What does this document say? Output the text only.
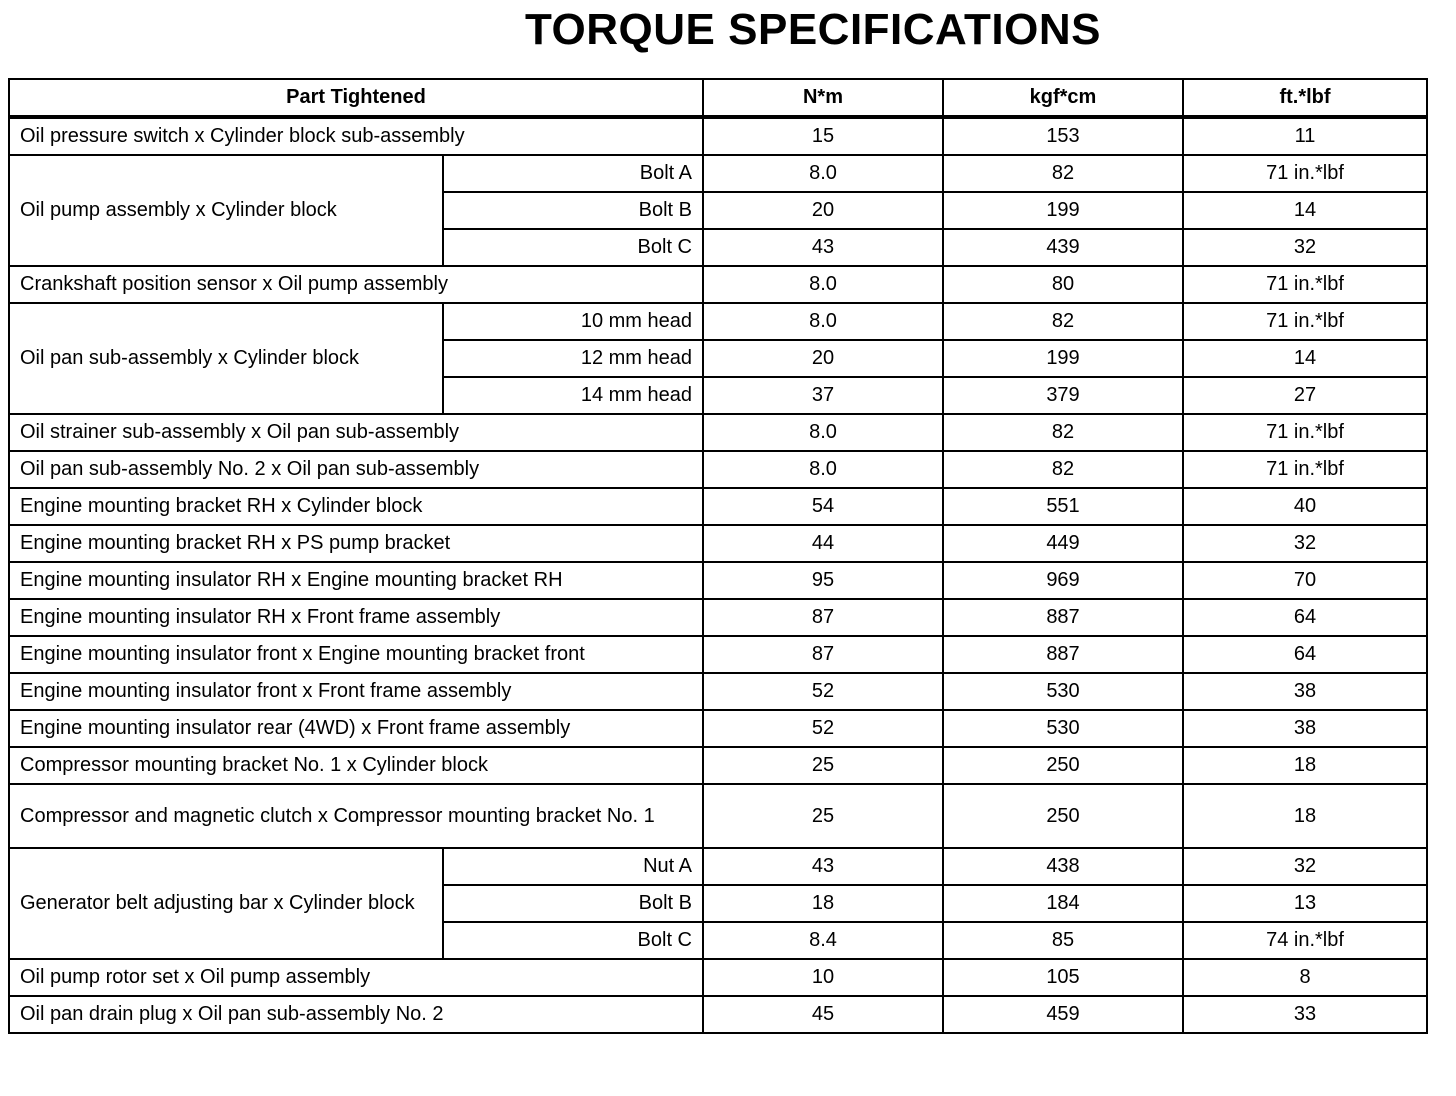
TORQUE SPECIFICATIONS
Part Tightened		N*m	kgf*cm	ft.*lbf
Oil pressure switch x Cylinder block sub-assembly		15	153	11
Oil pump assembly x Cylinder block	Bolt A	8.0	82	71 in.*lbf
	Bolt B	20	199	14
	Bolt C	43	439	32
Crankshaft position sensor x Oil pump assembly		8.0	80	71 in.*lbf
Oil pan sub-assembly x Cylinder block	10 mm head	8.0	82	71 in.*lbf
	12 mm head	20	199	14
	14 mm head	37	379	27
Oil strainer sub-assembly x Oil pan sub-assembly		8.0	82	71 in.*lbf
Oil pan sub-assembly No. 2 x Oil pan sub-assembly		8.0	82	71 in.*lbf
Engine mounting bracket RH x Cylinder block		54	551	40
Engine mounting bracket RH x PS pump bracket		44	449	32
Engine mounting insulator RH x Engine mounting bracket RH		95	969	70
Engine mounting insulator RH x Front frame assembly		87	887	64
Engine mounting insulator front x Engine mounting bracket front		87	887	64
Engine mounting insulator front x Front frame assembly		52	530	38
Engine mounting insulator rear (4WD) x Front frame assembly		52	530	38
Compressor mounting bracket No. 1 x Cylinder block		25	250	18
Compressor and magnetic clutch x Compressor mounting bracket No. 1		25	250	18
Generator belt adjusting bar x Cylinder block	Nut A	43	438	32
	Bolt B	18	184	13
	Bolt C	8.4	85	74 in.*lbf
Oil pump rotor set x Oil pump assembly		10	105	8
Oil pan drain plug x Oil pan sub-assembly No. 2		45	459	33
